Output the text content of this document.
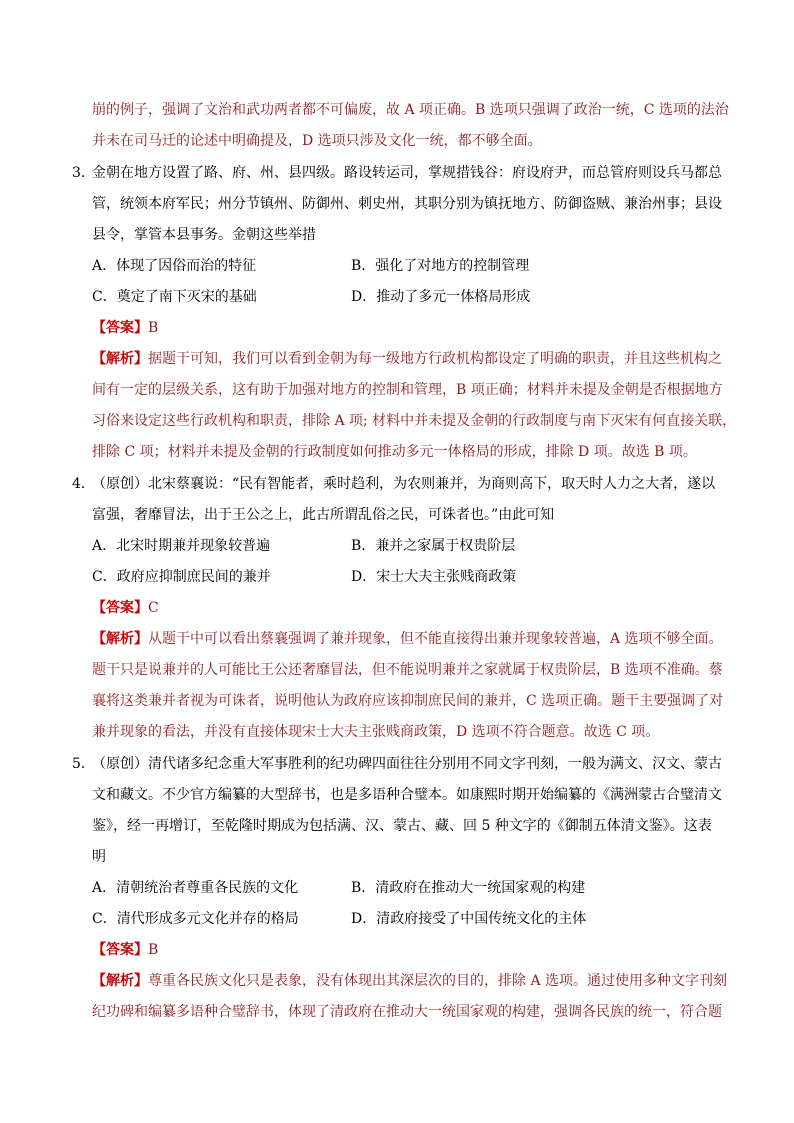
崩的例子，强调了文治和武功两者都不可偏废，故 A 项正确。B 选项只强调了政治一统，C 选项的法治
并未在司马迁的论述中明确提及，D 选项只涉及文化一统，都不够全面。
3．
金朝在地方设置了路、府、州、县四级。路设转运司，掌规措钱谷：府设府尹，而总管府则设兵马都总
管，统领本府军民；州分节镇州、防御州、刺史州，其职分别为镇抚地方、防御盗贼、兼治州事；县设
县令，掌管本县事务。金朝这些举措
A．体现了因俗而治的特征	B．强化了对地方的控制管理
C．奠定了南下灭宋的基础	D．推动了多元一体格局形成
【答案】B
【解析】据题干可知，我们可以看到金朝为每一级地方行政机构都设定了明确的职责，并且这些机构之
间有一定的层级关系，这有助于加强对地方的控制和管理，B 项正确；材料并未提及金朝是否根据地方
习俗来设定这些行政机构和职责，排除 A 项; 材料中并未提及金朝的行政制度与南下灭宋有何直接关联，
排除 C 项；材料并未提及金朝的行政制度如何推动多元一体格局的形成，排除 D 项。故选 B 项。
4．
（原创）北宋蔡襄说：“民有智能者，乘时趋利，为农则兼并，为商则高下，取天时人力之大者，遂以
富强，奢靡冒法，出于王公之上，此古所谓乱俗之民，可诛者也。”由此可知
A．北宋时期兼并现象较普遍	B．兼并之家属于权贵阶层
C．政府应抑制庶民间的兼并	D．宋士大夫主张贱商政策
【答案】C
【解析】从题干中可以看出蔡襄强调了兼并现象，但不能直接得出兼并现象较普遍，A 选项不够全面。
题干只是说兼并的人可能比王公还奢靡冒法，但不能说明兼并之家就属于权贵阶层，B 选项不准确。蔡
襄将这类兼并者视为可诛者，说明他认为政府应该抑制庶民间的兼并，C 选项正确。题干主要强调了对
兼并现象的看法，并没有直接体现宋士大夫主张贱商政策，D 选项不符合题意。故选 C 项。
5．
（原创）清代诸多纪念重大军事胜利的纪功碑四面往往分别用不同文字刊刻，一般为满文、汉文、蒙古
文和藏文。不少官方编纂的大型辞书，也是多语种合璧本。如康熙时期开始编纂的《满洲蒙古合璧清文
鉴》，经一再增订，至乾隆时期成为包括满、汉、蒙古、藏、回 5 种文字的《御制五体清文鉴》。这表
明
A．清朝统治者尊重各民族的文化	B．清政府在推动大一统国家观的构建
C．清代形成多元文化并存的格局	D．清政府接受了中国传统文化的主体
【答案】B
【解析】尊重各民族文化只是表象，没有体现出其深层次的目的，排除 A 选项。通过使用多种文字刊刻
纪功碑和编纂多语种合璧辞书，体现了清政府在推动大一统国家观的构建，强调各民族的统一，符合题
